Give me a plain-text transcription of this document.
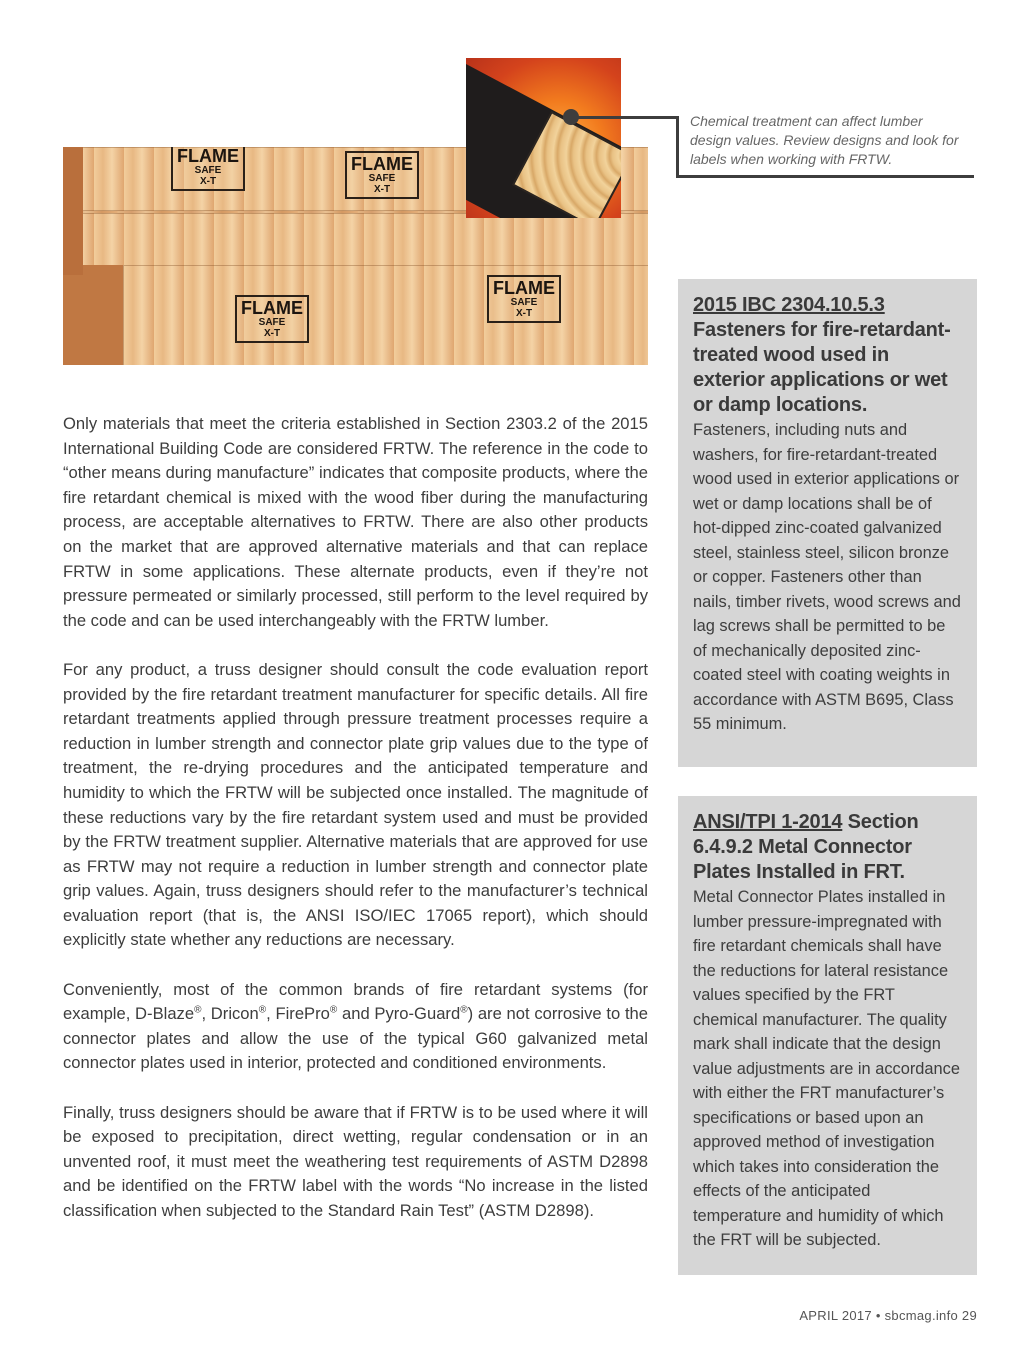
FLAME
SAFE
X-T
FLAME
SAFE
X-T
FLAME
SAFE
X-T
FLAME
SAFE
X-T
Chemical treatment can affect lumber design values. Review designs and look for labels when working with FRTW.

Only materials that meet the criteria established in Section 2303.2 of the 2015 International Building Code are considered FRTW. The reference in the code to “other means during manufacture” indicates that composite products, where the fire retardant chemical is mixed with the wood fiber during the manufacturing process, are acceptable alternatives to FRTW. There are also other products on the market that are approved alternative materials and that can replace FRTW in some applications. These alternate products, even if they’re not pressure permeated or similarly processed, still perform to the level required by the code and can be used interchangeably with the FRTW lumber.

For any product, a truss designer should consult the code evaluation report provided by the fire retardant treatment manufacturer for specific details. All fire retardant treatments applied through pressure treatment processes require a reduction in lumber strength and connector plate grip values due to the type of treatment, the re-drying procedures and the anticipated temperature and humidity to which the FRTW will be subjected once installed. The magnitude of these reductions vary by the fire retardant system used and must be provided by the FRTW treatment supplier. Alternative materials that are approved for use as FRTW may not require a reduction in lumber strength and connector plate grip values. Again, truss designers should refer to the manufacturer’s technical evaluation report (that is, the ANSI ISO/IEC 17065 report), which should explicitly state whether any reductions are necessary.

Conveniently, most of the common brands of fire retardant systems (for example, D-Blaze®, Dricon®, FirePro® and Pyro-Guard®) are not corrosive to the connector plates and allow the use of the typical G60 galvanized metal connector plates used in interior, protected and conditioned environments.

Finally, truss designers should be aware that if FRTW is to be used where it will be exposed to precipitation, direct wetting, regular condensation or in an unvented roof, it must meet the weathering test requirements of ASTM D2898 and be identified on the FRTW label with the words “No increase in the listed classification when subjected to the Standard Rain Test” (ASTM D2898).

2015 IBC 2304.10.5.3
Fasteners for fire-retardant-treated wood used in exterior applications or wet or damp locations.

Fasteners, including nuts and washers, for fire-retardant-treated wood used in exterior applications or wet or damp locations shall be of hot-dipped zinc-coated galvanized steel, stainless steel, silicon bronze or copper. Fasteners other than nails, timber rivets, wood screws and lag screws shall be permitted to be of mechanically deposited zinc-coated steel with coating weights in accordance with ASTM B695, Class 55 minimum.

ANSI/TPI 1-2014 Section 6.4.9.2 Metal Connector Plates Installed in FRT.

Metal Connector Plates installed in lumber pressure-impregnated with fire retardant chemicals shall have the reductions for lateral resistance values specified by the FRT chemical manufacturer. The quality mark shall indicate that the design value adjustments are in accordance with either the FRT manufacturer’s specifications or based upon an approved method of investigation which takes into consideration the effects of the anticipated temperature and humidity of which the FRT will be subjected.

APRIL 2017 • sbcmag.info 29
